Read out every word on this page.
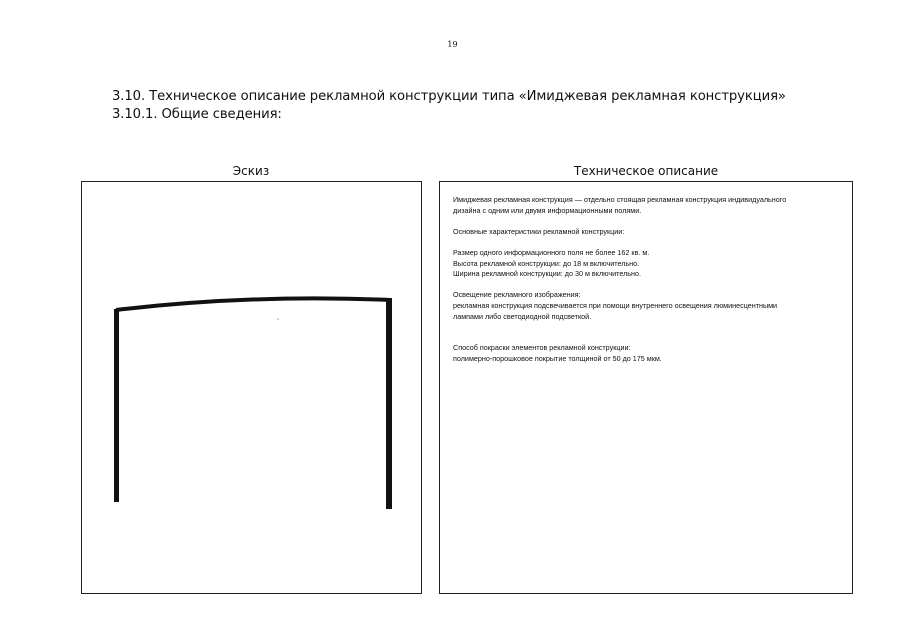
19
3.10. Техническое описание рекламной конструкции типа «Имиджевая рекламная конструкция»
3.10.1. Общие сведения:
Эскиз	Техническое описание

Имиджевая рекламная конструкция — отдельно стоящая рекламная конструкция индивидуального

дизайна с одним или двумя информационными полями.

Основные характеристики рекламной конструкции:

Размер одного информационного поля не более 162 кв. м.

Высота рекламной конструкции: до 18 м включительно.

Ширина рекламной конструкции: до 30 м включительно.

Освещение рекламного изображения:

рекламная конструкция подсвечивается при помощи внутреннего освещения люминесцентными

лампами либо светодиодной подсветкой.

Способ покраски элементов рекламной конструкции:

полимерно-порошковое покрытие толщиной от 50 до 175 мкм.
